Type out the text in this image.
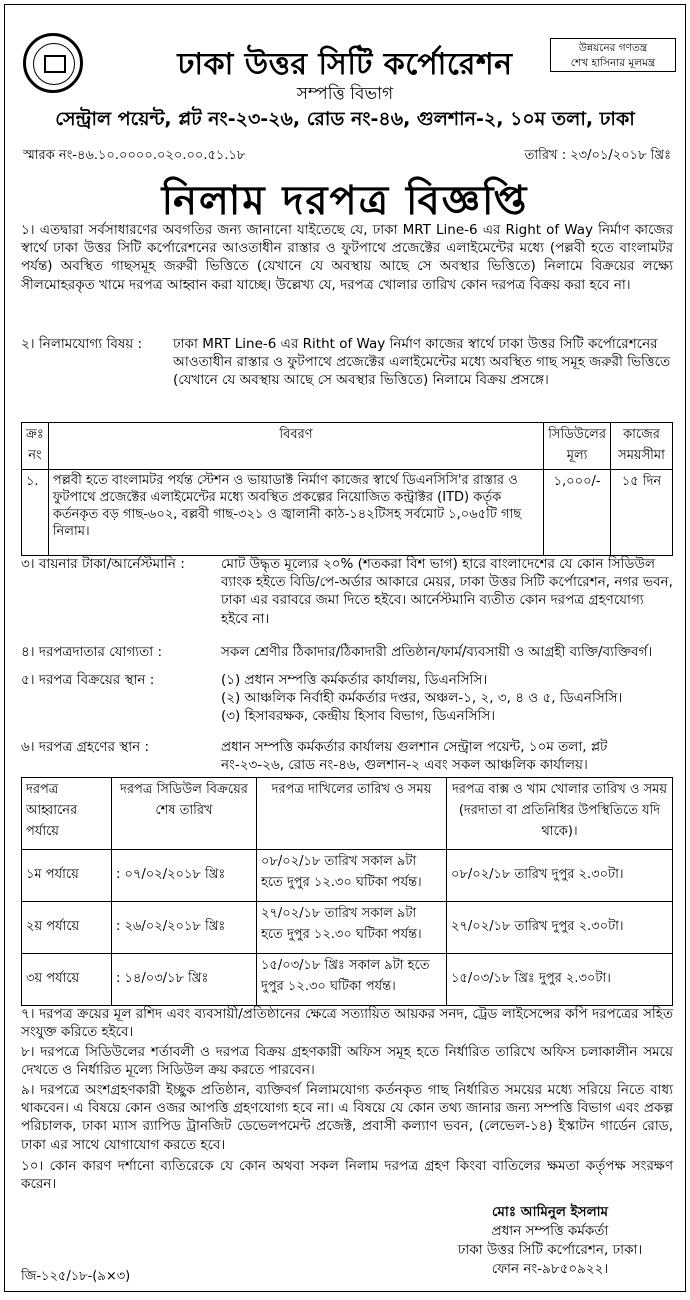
ঢাকা উত্তর সিটি কর্পোরেশন
সম্পত্তি বিভাগ
সেন্ট্রাল পয়েন্ট, প্লট নং-২৩-২৬, রোড নং-৪৬, গুলশান-২, ১০ম তলা, ঢাকা
উন্নয়নের গণতন্ত্র
শেখ হাসিনার মূলমন্ত্র
স্মারক নং-৪৬.১০.০০০০.০২০.০০.৫১.১৮	তারিখ : ২৩/০১/২০১৮ খ্রিঃ
নিলাম দরপত্র বিজ্ঞপ্তি
১। এতদ্বারা সর্বসাধারণের অবগতির জন্য জানানো যাইতেছে যে, ঢাকা MRT Line-6 এর Right of Way নির্মাণ কাজের স্বার্থে ঢাকা উত্তর সিটি কর্পোরেশনের আওতাধীন রাস্তার ও ফুটপাথে প্রজেক্টের এলাইমেন্টের মধ্যে (পল্লবী হতে বাংলামটর পর্যন্ত) অবস্থিত গাছসমূহ জরুরী ভিত্তিতে (যেখানে যে অবস্থায় আছে সে অবস্থার ভিত্তিতে) নিলামে বিক্রয়ের লক্ষ্যে সীলমোহরকৃত খামে দরপত্র আহ্বান করা যাচ্ছে। উল্লেখ্য যে, দরপত্র খোলার তারিখ কোন দরপত্র বিক্রয় করা হবে না।
২। নিলামযোগ্য বিষয় : ঢাকা MRT Line-6 এর Ritht of Way নির্মাণ কাজের স্বার্থে ঢাকা উত্তর সিটি কর্পোরেশনের আওতাধীন রাস্তার ও ফুটপাথে প্রজেক্টের এলাইমেন্টের মধ্যে অবস্থিত গাছ সমূহ জরুরী ভিত্তিতে (যেখানে যে অবস্থায় আছে সে অবস্থার ভিত্তিতে) নিলামে বিক্রয় প্রসঙ্গে।
ক্রঃ নং	বিবরণ	সিডিউলের মূল্য	কাজের সময়সীমা
১.	পল্লবী হতে বাংলামটর পর্যন্ত স্টেশন ও ভায়াডাক্ট নির্মাণ কাজের স্বার্থে ডিএনসিসি'র রাস্তার ও ফুটপাথে প্রজেক্টের এলাইমেন্টের মধ্যে অবস্থিত প্রকল্পের নিয়োজিত কন্ট্রাক্টর (ITD) কর্তৃক কর্তনকৃত বড় গাছ-৬০২, বল্লবী গাছ-৩২১ ও জ্বালানী কাঠ-১৪২টিসহ সর্বমোট ১,০৬৫টি গাছ নিলাম।	১,০০০/-	১৫ দিন
৩। বায়নার টাকা/আর্নেস্টমানি :	মোট উদ্ধৃত মূল্যের ২০% (শতকরা বিশ ভাগ) হারে বাংলাদেশের যে কোন সিডিউল ব্যাংক হইতে বিডি/পে-অর্ডার আকারে মেয়র, ঢাকা উত্তর সিটি কর্পোরেশন, নগর ভবন, ঢাকা এর বরাবরে জমা দিতে হইবে। আর্নেস্টমানি ব্যতীত কোন দরপত্র গ্রহণযোগ্য হইবে না।
৪। দরপত্রদাতার যোগ্যতা :	সকল শ্রেণীর ঠিকাদার/ঠিকাদারী প্রতিষ্ঠান/ফার্ম/ব্যবসায়ী ও আগ্রহী ব্যক্তি/ব্যক্তিবর্গ।
৫। দরপত্র বিক্রয়ের স্থান :	(১) প্রধান সম্পত্তি কর্মকর্তার কার্যালয়, ডিএনসিসি।
(২) আঞ্চলিক নির্বাহী কর্মকর্তার দপ্তর, অঞ্চল-১, ২, ৩, ৪ ও ৫, ডিএনসিসি।
(৩) হিসাবরক্ষক, কেন্দ্রীয় হিসাব বিভাগ, ডিএনসিসি।
৬। দরপত্র গ্রহণের স্থান :	প্রধান সম্পত্তি কর্মকর্তার কার্যালয় গুলশান সেন্ট্রাল পয়েন্ট, ১০ম তলা, প্লট নং-২৩-২৬, রোড নং-৪৬, গুলশান-২ এবং সকল আঞ্চলিক কার্যালয়।
দরপত্র আহ্বানের পর্যায়ে	দরপত্র সিডিউল বিক্রয়ের শেষ তারিখ	দরপত্র দাখিলের তারিখ ও সময়	দরপত্র বাক্স ও খাম খোলার তারিখ ও সময় (দরদাতা বা প্রতিনিধির উপস্থিতিতে যদি থাকে)।
১ম পর্যায়ে	: ০৭/০২/২০১৮ খ্রিঃ	০৮/০২/১৮ তারিখ সকাল ৯টা হতে দুপুর ১২.৩০ ঘটিকা পর্যন্ত।	০৮/০২/১৮ তারিখ দুপুর ২.৩০টা।
২য় পর্যায়ে	: ২৬/০২/২০১৮ খ্রিঃ	২৭/০২/১৮ তারিখ সকাল ৯টা হতে দুপুর ১২.৩০ ঘটিকা পর্যন্ত।	২৭/০২/১৮ তারিখ দুপুর ২.৩০টা।
৩য় পর্যায়ে	: ১৪/০৩/১৮ খ্রিঃ	১৫/০৩/১৮ খ্রিঃ সকাল ৯টা হতে দুপুর ১২.৩০ ঘটিকা পর্যন্ত।	১৫/০৩/১৮ খ্রিঃ দুপুর ২.৩০টা।
৭। দরপত্র ক্রয়ের মূল রশিদ এবং ব্যবসায়ী/প্রতিষ্ঠানের ক্ষেত্রে সত্যায়িত আয়কর সনদ, ট্রেড লাইসেন্সের কপি দরপত্রের সহিত সংযুক্ত করিতে হইবে।
৮। দরপত্রে সিডিউলের শর্তাবলী ও দরপত্র বিক্রয় গ্রহণকারী অফিস সমূহ হতে নির্ধারিত তারিখে অফিস চলাকালীন সময়ে দেখতে ও নির্ধারিত মূল্যে সিডিউল ক্রয় করতে পারবেন।
৯। দরপত্রে অংশগ্রহণকারী ইচ্ছুক প্রতিষ্ঠান, ব্যক্তিবর্গ নিলামযোগ্য কর্তনকৃত গাছ নির্ধারিত সময়ের মধ্যে সরিয়ে নিতে বাধ্য থাকবেন। এ বিষয়ে কোন ওজর আপত্তি গ্রহণযোগ্য হবে না। এ বিষয়ে যে কোন তথ্য জানার জন্য সম্পত্তি বিভাগ এবং প্রকল্প পরিচালক, ঢাকা ম্যাস র‍্যাপিড ট্রানজিট ডেভেলপমেন্ট প্রজেক্ট, প্রবাসী কল্যাণ ভবন, (লেভেল-১৪) ইস্কাটন গার্ডেন রোড, ঢাকা এর সাথে যোগাযোগ করতে হবে।
১০। কোন কারণ দর্শানো ব্যতিরেকে যে কোন অথবা সকল নিলাম দরপত্র গ্রহণ কিংবা বাতিলের ক্ষমতা কর্তৃপক্ষ সংরক্ষণ করেন।
মোঃ আমিনুল ইসলাম
প্রধান সম্পত্তি কর্মকর্তা
ঢাকা উত্তর সিটি কর্পোরেশন, ঢাকা।
ফোন নং-৯৮৫০৯২২।
জি-১২৫/১৮-(৯×৩)
